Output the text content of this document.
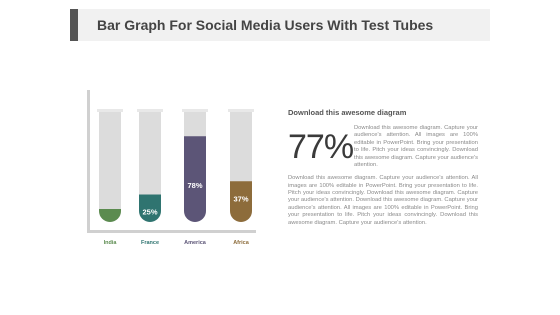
Bar Graph For Social Media Users With Test Tubes
10%
India
25%
France
78%
America
37%
Africa
Download this awesome diagram
77% Download this awesome diagram. Capture your audience's attention. All images are 100% editable in PowerPoint. Bring your presentation to life. Pitch your ideas convincingly. Download this awesome diagram. Capture your audience's attention.

Download this awesome diagram. Capture your audience's attention. All images are 100% editable in PowerPoint. Bring your presentation to life. Pitch your ideas convincingly. Download this awesome diagram. Capture your audience's attention. Download this awesome diagram. Capture your audience's attention. All images are 100% editable in PowerPoint. Bring your presentation to life. Pitch your ideas convincingly. Download this awesome diagram. Capture your audience's attention.
